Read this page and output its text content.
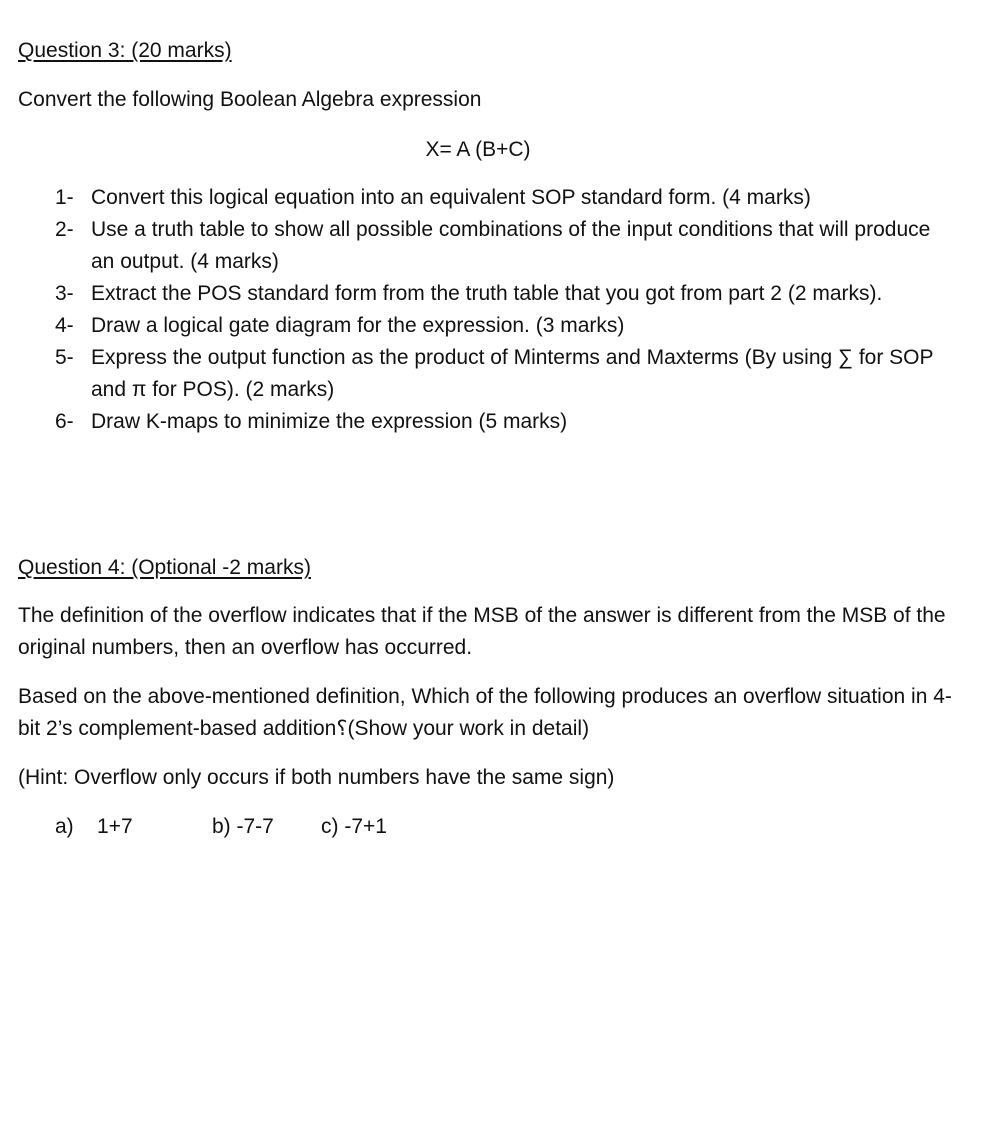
Question 3: (20 marks)
Convert the following Boolean Algebra expression
X= A (B+C)
1- Convert this logical equation into an equivalent SOP standard form. (4 marks)
2- Use a truth table to show all possible combinations of the input conditions that will produce an output. (4 marks)
3- Extract the POS standard form from the truth table that you got from part 2 (2 marks).
4- Draw a logical gate diagram for the expression. (3 marks)
5- Express the output function as the product of Minterms and Maxterms (By using ∑ for SOP and π for POS). (2 marks)
6- Draw K-maps to minimize the expression (5 marks)
Question 4: (Optional -2 marks)
The definition of the overflow indicates that if the MSB of the answer is different from the MSB of the original numbers, then an overflow has occurred.
Based on the above-mentioned definition, Which of the following produces an overflow situation in 4-bit 2’s complement-based addition؟(Show your work in detail)
(Hint: Overflow only occurs if both numbers have the same sign)
a) 1+7	b) -7-7 c) -7+1
